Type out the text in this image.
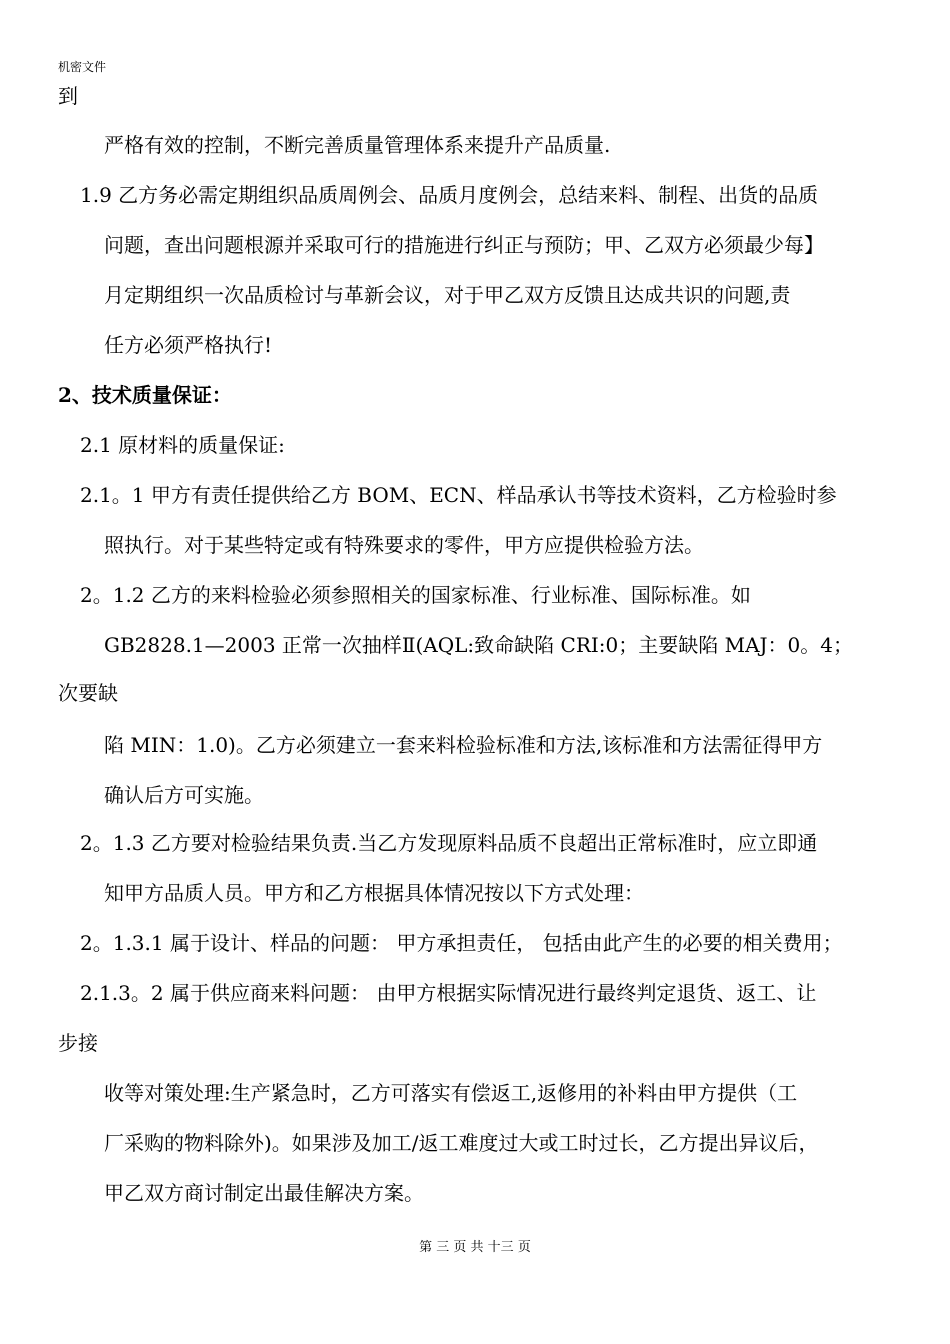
机密文件
到
严格有效的控制，不断完善质量管理体系来提升产品质量.
1.9 乙方务必需定期组织品质周例会、品质月度例会，总结来料、制程、出货的品质
问题，查出问题根源并采取可行的措施进行纠正与预防；甲、乙双方必须最少每】
月定期组织一次品质检讨与革新会议，对于甲乙双方反馈且达成共识的问题,责
任方必须严格执行!
2、技术质量保证：
2.1 原材料的质量保证:
2.1。1 甲方有责任提供给乙方 BOM、ECN、样品承认书等技术资料，乙方检验时参
照执行。对于某些特定或有特殊要求的零件，甲方应提供检验方法。
2。1.2 乙方的来料检验必须参照相关的国家标准、行业标准、国际标准。如
GB2828.1—2003 正常一次抽样Ⅱ(AQL:致命缺陷 CRI:0；主要缺陷 MAJ：0。4；
次要缺
陷 MIN：1.0)。乙方必须建立一套来料检验标准和方法,该标准和方法需征得甲方
确认后方可实施。
2。1.3 乙方要对检验结果负责.当乙方发现原料品质不良超出正常标准时，应立即通
知甲方品质人员。甲方和乙方根据具体情况按以下方式处理：
2。1.3.1 属于设计、样品的问题： 甲方承担责任， 包括由此产生的必要的相关费用；
2.1.3。2 属于供应商来料问题： 由甲方根据实际情况进行最终判定退货、返工、让
步接
收等对策处理:生产紧急时，乙方可落实有偿返工,返修用的补料由甲方提供（工
厂采购的物料除外)。如果涉及加工/返工难度过大或工时过长，乙方提出异议后，
甲乙双方商讨制定出最佳解决方案。
第 三 页 共 十三 页
